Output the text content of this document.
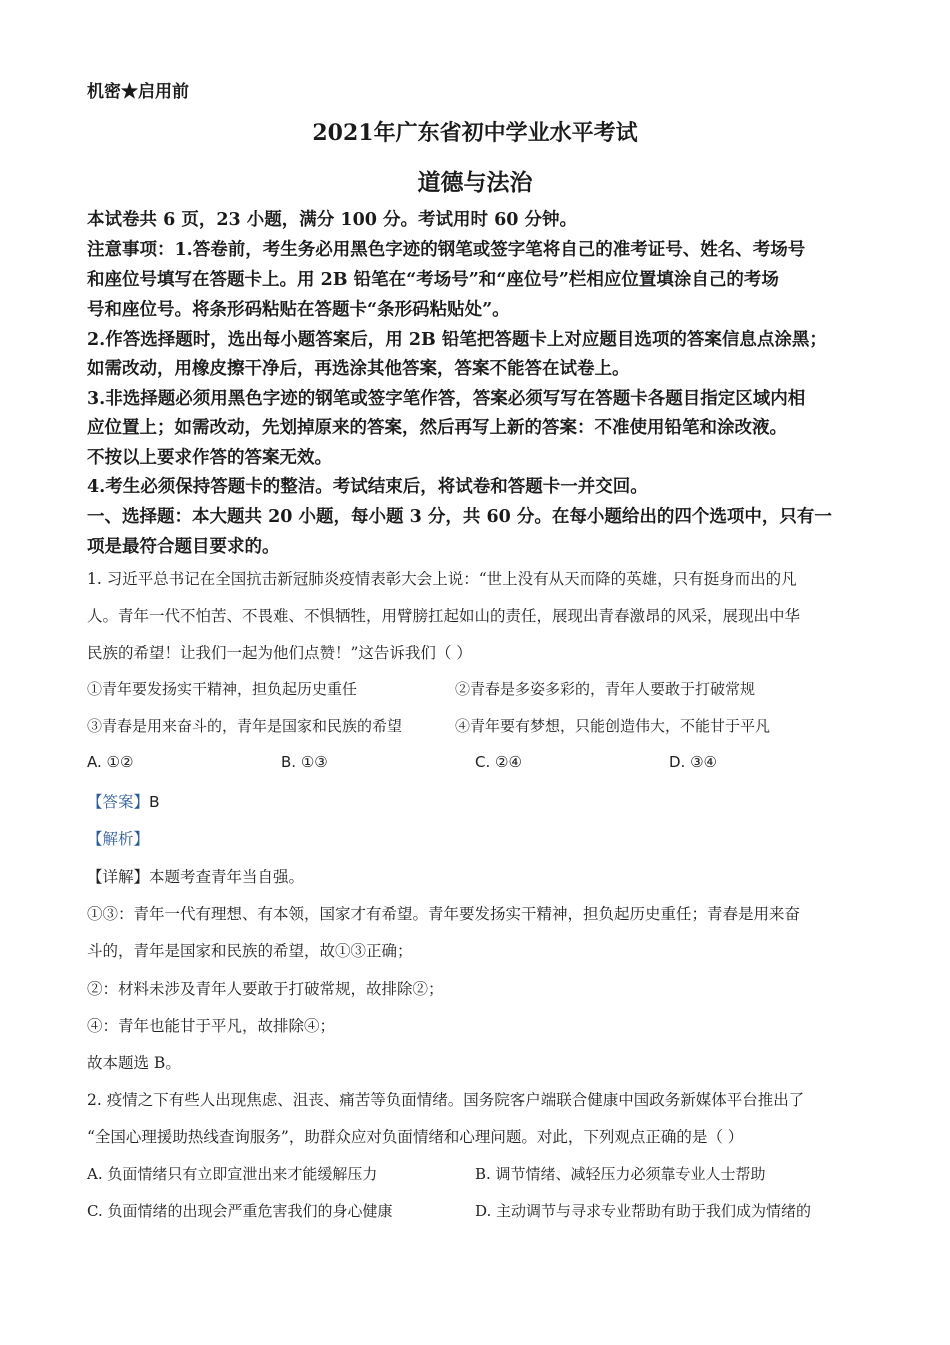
机密★启用前
2021年广东省初中学业水平考试
道德与法治
本试卷共 6 页，23 小题，满分 100 分。考试用时 60 分钟。
注意事项：1.答卷前，考生务必用黑色字迹的钢笔或签字笔将自己的准考证号、姓名、考场号
和座位号填写在答题卡上。用 2B 铅笔在“考场号”和“座位号”栏相应位置填涂自己的考场
号和座位号。将条形码粘贴在答题卡“条形码粘贴处”。
2.作答选择题时，选出每小题答案后，用 2B 铅笔把答题卡上对应题目选项的答案信息点涂黑；
如需改动，用橡皮擦干净后，再选涂其他答案，答案不能答在试卷上。
3.非选择题必须用黑色字迹的钢笔或签字笔作答，答案必须写写在答题卡各题目指定区域内相
应位置上；如需改动，先划掉原来的答案，然后再写上新的答案：不准使用铅笔和涂改液。
不按以上要求作答的答案无效。
4.考生必须保持答题卡的整洁。考试结束后，将试卷和答题卡一并交回。
一、选择题：本大题共 20 小题，每小题 3 分，共 60 分。在每小题给出的四个选项中，只有一
项是最符合题目要求的。
1. 习近平总书记在全国抗击新冠肺炎疫情表彰大会上说：“世上没有从天而降的英雄，只有挺身而出的凡
人。青年一代不怕苦、不畏难、不惧牺牲，用臂膀扛起如山的责任，展现出青春激昂的风采，展现出中华
民族的希望！让我们一起为他们点赞！”这告诉我们（ ）
①青年要发扬实干精神，担负起历史重任	②青春是多姿多彩的，青年人要敢于打破常规
③青春是用来奋斗的，青年是国家和民族的希望	④青年要有梦想，只能创造伟大，不能甘于平凡
A. ①②	B. ①③	C. ②④	D. ③④
【答案】B
【解析】
【详解】本题考查青年当自强。
①③：青年一代有理想、有本领，国家才有希望。青年要发扬实干精神，担负起历史重任；青春是用来奋
斗的，青年是国家和民族的希望，故①③正确；
②：材料未涉及青年人要敢于打破常规，故排除②；
④：青年也能甘于平凡，故排除④；
故本题选 B。
2. 疫情之下有些人出现焦虑、沮丧、痛苦等负面情绪。国务院客户端联合健康中国政务新媒体平台推出了
“全国心理援助热线查询服务”，助群众应对负面情绪和心理问题。对此，下列观点正确的是（ ）
A. 负面情绪只有立即宣泄出来才能缓解压力	B. 调节情绪、减轻压力必须靠专业人士帮助
C. 负面情绪的出现会严重危害我们的身心健康	D. 主动调节与寻求专业帮助有助于我们成为情绪的
